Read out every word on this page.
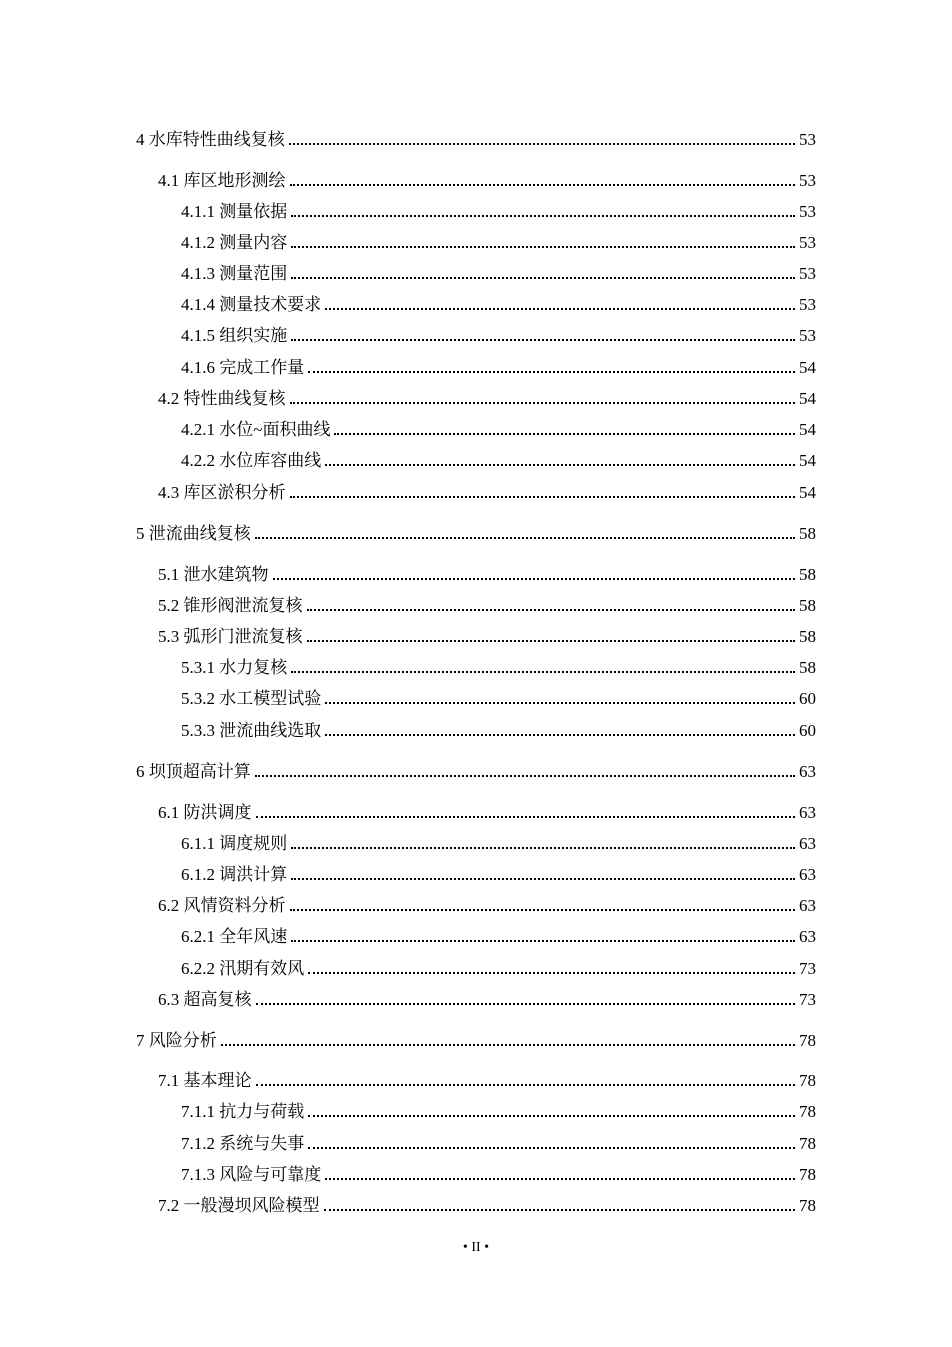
4 水库特性曲线复核	53
4.1 库区地形测绘	53
4.1.1 测量依据	53
4.1.2 测量内容	53
4.1.3 测量范围	53
4.1.4 测量技术要求	53
4.1.5 组织实施	53
4.1.6 完成工作量	54
4.2 特性曲线复核	54
4.2.1 水位~面积曲线	54
4.2.2 水位库容曲线	54
4.3 库区淤积分析	54
5 泄流曲线复核	58
5.1 泄水建筑物	58
5.2 锥形阀泄流复核	58
5.3 弧形门泄流复核	58
5.3.1 水力复核	58
5.3.2 水工模型试验	60
5.3.3 泄流曲线选取	60
6 坝顶超高计算	63
6.1 防洪调度	63
6.1.1 调度规则	63
6.1.2 调洪计算	63
6.2 风情资料分析	63
6.2.1 全年风速	63
6.2.2 汛期有效风	73
6.3 超高复核	73
7 风险分析	78
7.1 基本理论	78
7.1.1 抗力与荷载	78
7.1.2 系统与失事	78
7.1.3 风险与可靠度	78
7.2 一般漫坝风险模型	78
• II •
